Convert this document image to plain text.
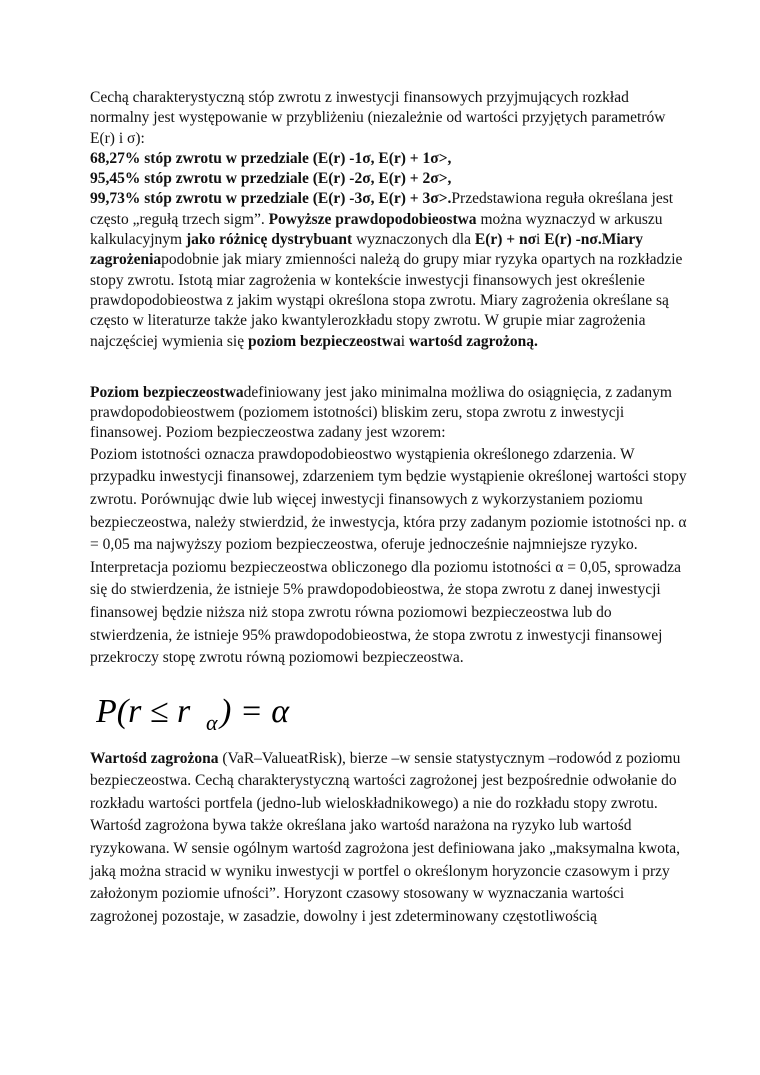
Cechą charakterystyczną stóp zwrotu z inwestycji finansowych przyjmujących rozkład normalny jest występowanie w przybliżeniu (niezależnie od wartości przyjętych parametrów E(r) i σ):
68,27% stóp zwrotu w przedziale (E(r) -1σ, E(r) + 1σ>,
95,45% stóp zwrotu w przedziale (E(r) -2σ, E(r) + 2σ>,
99,73% stóp zwrotu w przedziale (E(r) -3σ, E(r) + 3σ>.Przedstawiona reguła określana jest często „regułą trzech sigm”. Powyższe prawdopodobieostwa można wyznaczyd w arkuszu kalkulacyjnym jako różnicę dystrybuant wyznaczonych dla E(r) + nσi E(r) -nσ.Miary zagrożeniapodobnie jak miary zmienności należą do grupy miar ryzyka opartych na rozkładzie stopy zwrotu. Istotą miar zagrożenia w kontekście inwestycji finansowych jest określenie prawdopodobieostwa z jakim wystąpi określona stopa zwrotu. Miary zagrożenia określane są często w literaturze także jako kwantylerozkładu stopy zwrotu. W grupie miar zagrożenia najczęściej wymienia się poziom bezpieczeostwai wartośd zagrożoną.

Poziom bezpieczeostwadefiniowany jest jako minimalna możliwa do osiągnięcia, z zadanym prawdopodobieostwem (poziomem istotności) bliskim zeru, stopa zwrotu z inwestycji finansowej. Poziom bezpieczeostwa zadany jest wzorem:

Poziom istotności oznacza prawdopodobieostwo wystąpienia określonego zdarzenia. W przypadku inwestycji finansowej, zdarzeniem tym będzie wystąpienie określonej wartości stopy zwrotu. Porównując dwie lub więcej inwestycji finansowych z wykorzystaniem poziomu bezpieczeostwa, należy stwierdzid, że inwestycja, która przy zadanym poziomie istotności np. α = 0,05 ma najwyższy poziom bezpieczeostwa, oferuje jednocześnie najmniejsze ryzyko. Interpretacja poziomu bezpieczeostwa obliczonego dla poziomu istotności α = 0,05, sprowadza się do stwierdzenia, że istnieje 5% prawdopodobieostwa, że stopa zwrotu z danej inwestycji finansowej będzie niższa niż stopa zwrotu równa poziomowi bezpieczeostwa lub do stwierdzenia, że istnieje 95% prawdopodobieostwa, że stopa zwrotu z inwestycji finansowej przekroczy stopę zwrotu równą poziomowi bezpieczeostwa.

P(r ≤ r α ) = α

Wartośd zagrożona (VaR–ValueatRisk), bierze –w sensie statystycznym –rodowód z poziomu bezpieczeostwa. Cechą charakterystyczną wartości zagrożonej jest bezpośrednie odwołanie do rozkładu wartości portfela (jedno-lub wieloskładnikowego) a nie do rozkładu stopy zwrotu. Wartośd zagrożona bywa także określana jako wartośd narażona na ryzyko lub wartośd ryzykowana. W sensie ogólnym wartośd zagrożona jest definiowana jako „maksymalna kwota, jaką można stracid w wyniku inwestycji w portfel o określonym horyzoncie czasowym i przy założonym poziomie ufności”. Horyzont czasowy stosowany w wyznaczania wartości zagrożonej pozostaje, w zasadzie, dowolny i jest zdeterminowany częstotliwością
